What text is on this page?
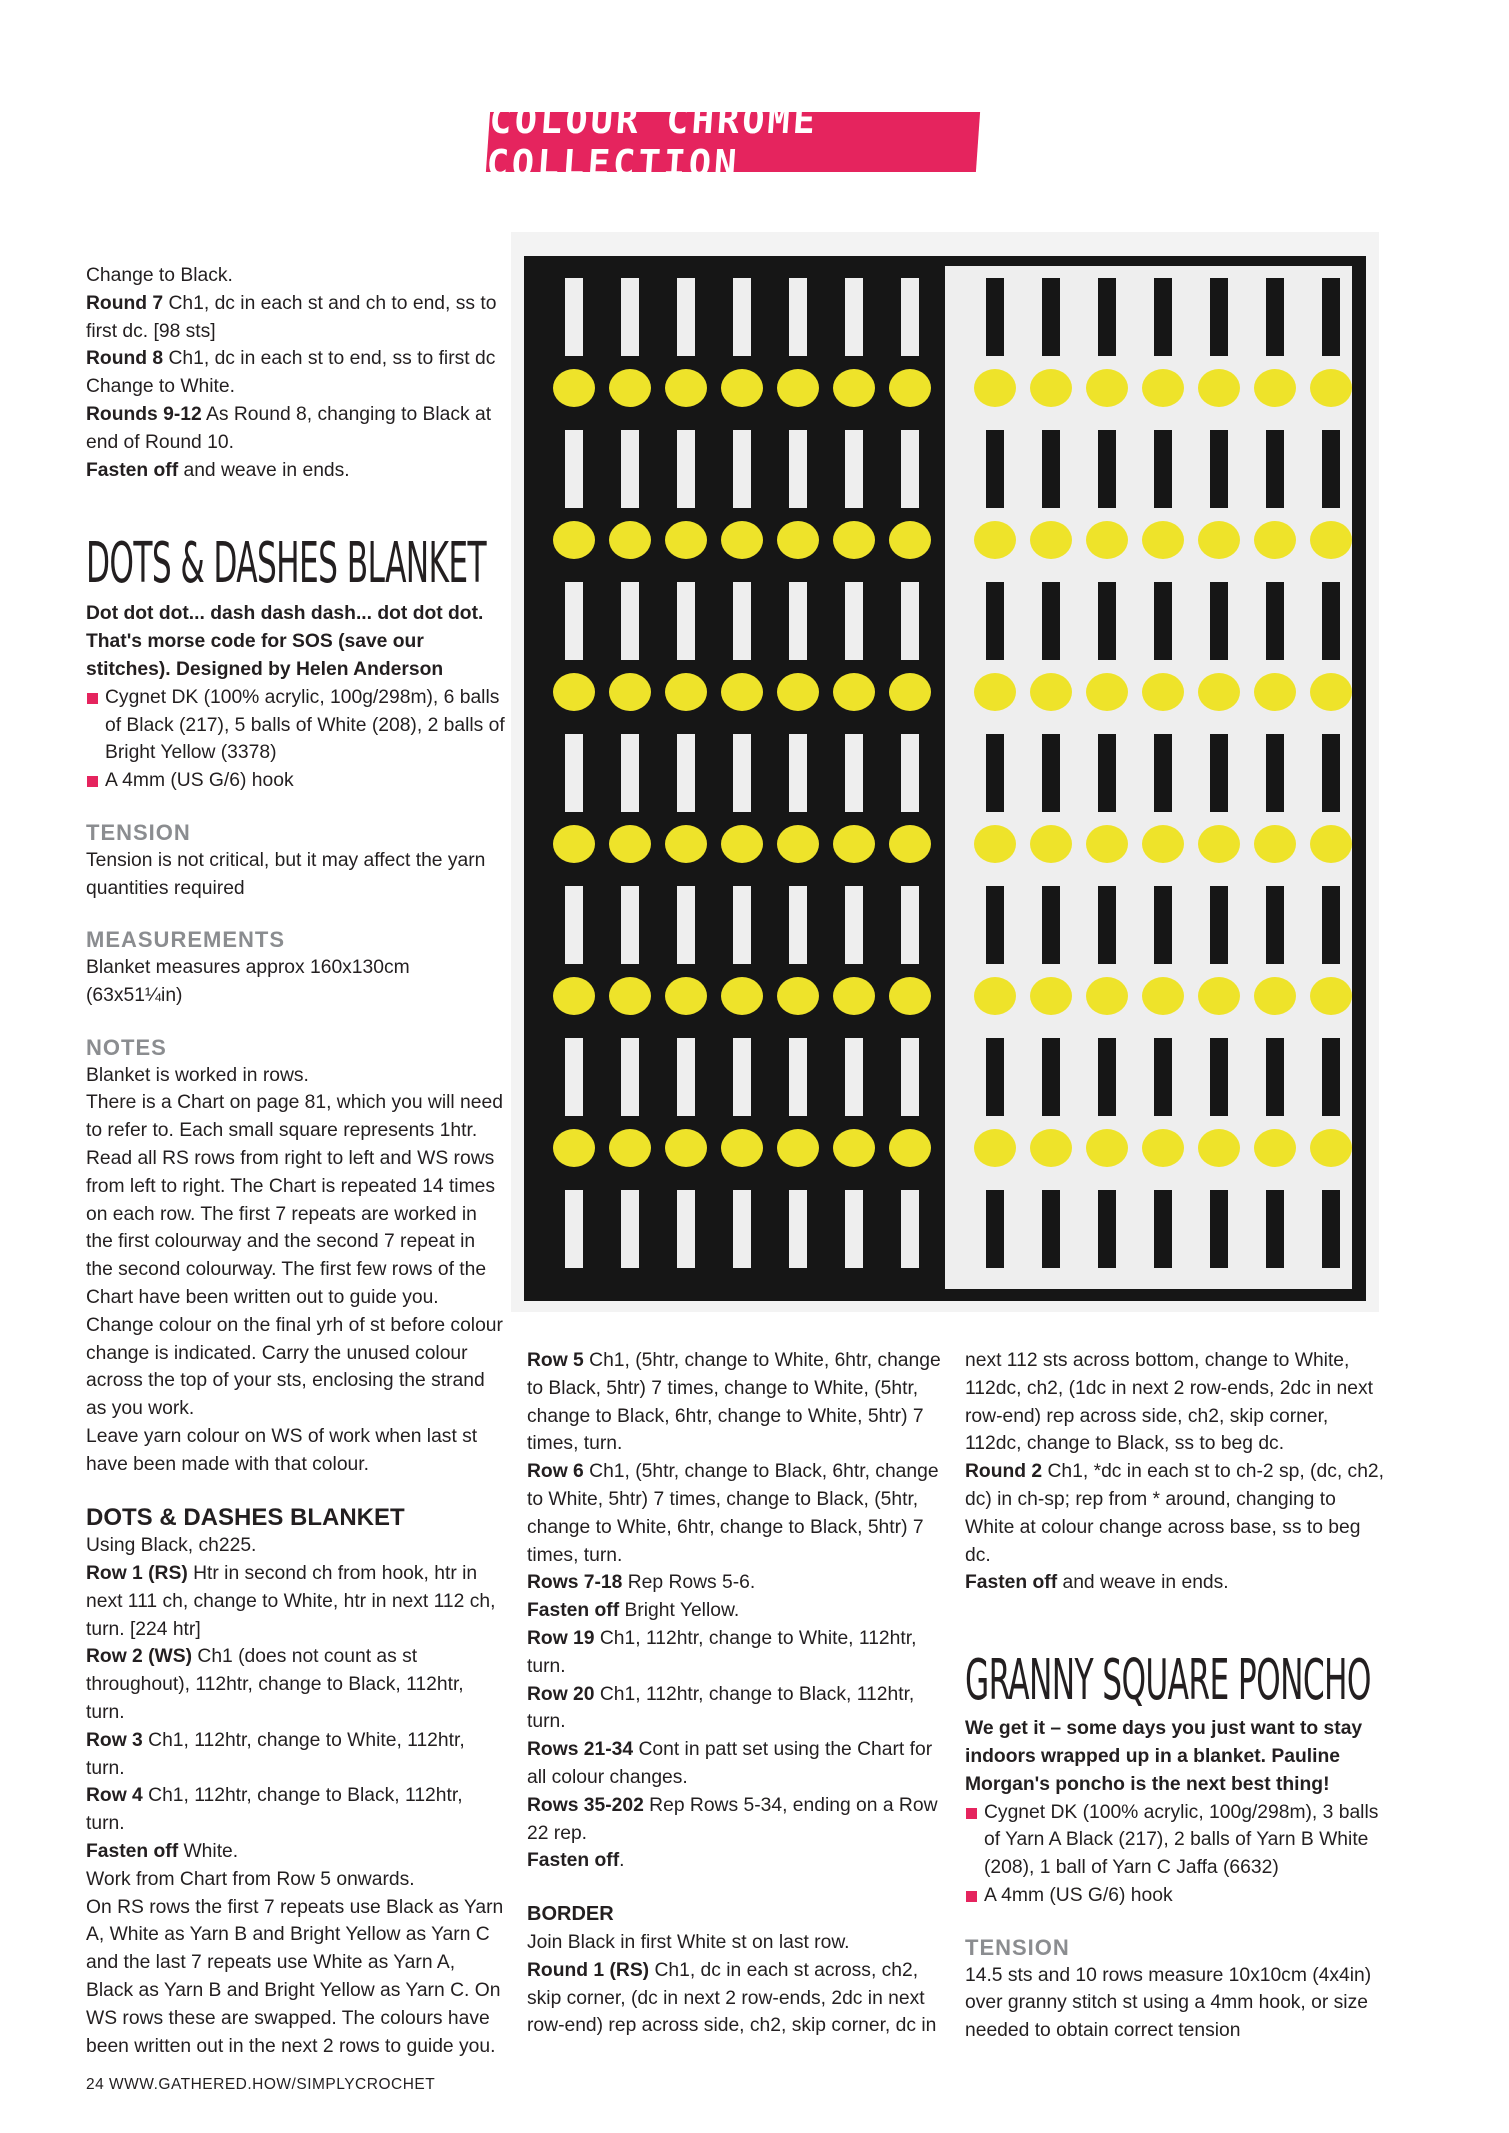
COLOUR CHROME COLLECTION

Change to Black.

Round 7 Ch1, dc in each st and ch to end, ss to first dc. [98 sts]

Round 8 Ch1, dc in each st to end, ss to first dc Change to White.

Rounds 9-12 As Round 8, changing to Black at end of Round 10.

Fasten off and weave in ends.

DOTS & DASHES BLANKET

Dot dot dot... dash dash dash... dot dot dot. That's morse code for SOS (save our stitches). Designed by Helen Anderson

Cygnet DK (100% acrylic, 100g/298m), 6 balls of Black (217), 5 balls of White (208), 2 balls of Bright Yellow (3378)
A 4mm (US G/6) hook
TENSION

Tension is not critical, but it may affect the yarn quantities required

MEASUREMENTS

Blanket measures approx 160x130cm (63x51¼in)

NOTES

Blanket is worked in rows.

There is a Chart on page 81, which you will need to refer to. Each small square represents 1htr. Read all RS rows from right to left and WS rows from left to right. The Chart is repeated 14 times on each row. The first 7 repeats are worked in the first colourway and the second 7 repeat in the second colourway. The first few rows of the Chart have been written out to guide you. Change colour on the final yrh of st before colour change is indicated. Carry the unused colour across the top of your sts, enclosing the strand as you work.

Leave yarn colour on WS of work when last st have been made with that colour.

DOTS & DASHES BLANKET

Using Black, ch225.

Row 1 (RS) Htr in second ch from hook, htr in next 111 ch, change to White, htr in next 112 ch, turn. [224 htr]

Row 2 (WS) Ch1 (does not count as st throughout), 112htr, change to Black, 112htr, turn.

Row 3 Ch1, 112htr, change to White, 112htr, turn.

Row 4 Ch1, 112htr, change to Black, 112htr, turn.

Fasten off White.

Work from Chart from Row 5 onwards.

On RS rows the first 7 repeats use Black as Yarn A, White as Yarn B and Bright Yellow as Yarn C and the last 7 repeats use White as Yarn A, Black as Yarn B and Bright Yellow as Yarn C. On WS rows these are swapped. The colours have been written out in the next 2 rows to guide you.

Row 5 Ch1, (5htr, change to White, 6htr, change to Black, 5htr) 7 times, change to White, (5htr, change to Black, 6htr, change to White, 5htr) 7 times, turn.

Row 6 Ch1, (5htr, change to Black, 6htr, change to White, 5htr) 7 times, change to Black, (5htr, change to White, 6htr, change to Black, 5htr) 7 times, turn.

Rows 7-18 Rep Rows 5-6.

Fasten off Bright Yellow.

Row 19 Ch1, 112htr, change to White, 112htr, turn.

Row 20 Ch1, 112htr, change to Black, 112htr, turn.

Rows 21-34 Cont in patt set using the Chart for all colour changes.

Rows 35-202 Rep Rows 5-34, ending on a Row 22 rep.

Fasten off.

BORDER

Join Black in first White st on last row.

Round 1 (RS) Ch1, dc in each st across, ch2, skip corner, (dc in next 2 row-ends, 2dc in next row-end) rep across side, ch2, skip corner, dc in

next 112 sts across bottom, change to White, 112dc, ch2, (1dc in next 2 row-ends, 2dc in next row-end) rep across side, ch2, skip corner, 112dc, change to Black, ss to beg dc.

Round 2 Ch1, *dc in each st to ch-2 sp, (dc, ch2, dc) in ch-sp; rep from * around, changing to White at colour change across base, ss to beg dc.

Fasten off and weave in ends.

GRANNY SQUARE PONCHO

We get it – some days you just want to stay indoors wrapped up in a blanket. Pauline Morgan's poncho is the next best thing!

Cygnet DK (100% acrylic, 100g/298m), 3 balls of Yarn A Black (217), 2 balls of Yarn B White (208), 1 ball of Yarn C Jaffa (6632)
A 4mm (US G/6) hook
TENSION

14.5 sts and 10 rows measure 10x10cm (4x4in) over granny stitch st using a 4mm hook, or size needed to obtain correct tension

24 WWW.GATHERED.HOW/SIMPLYCROCHET
